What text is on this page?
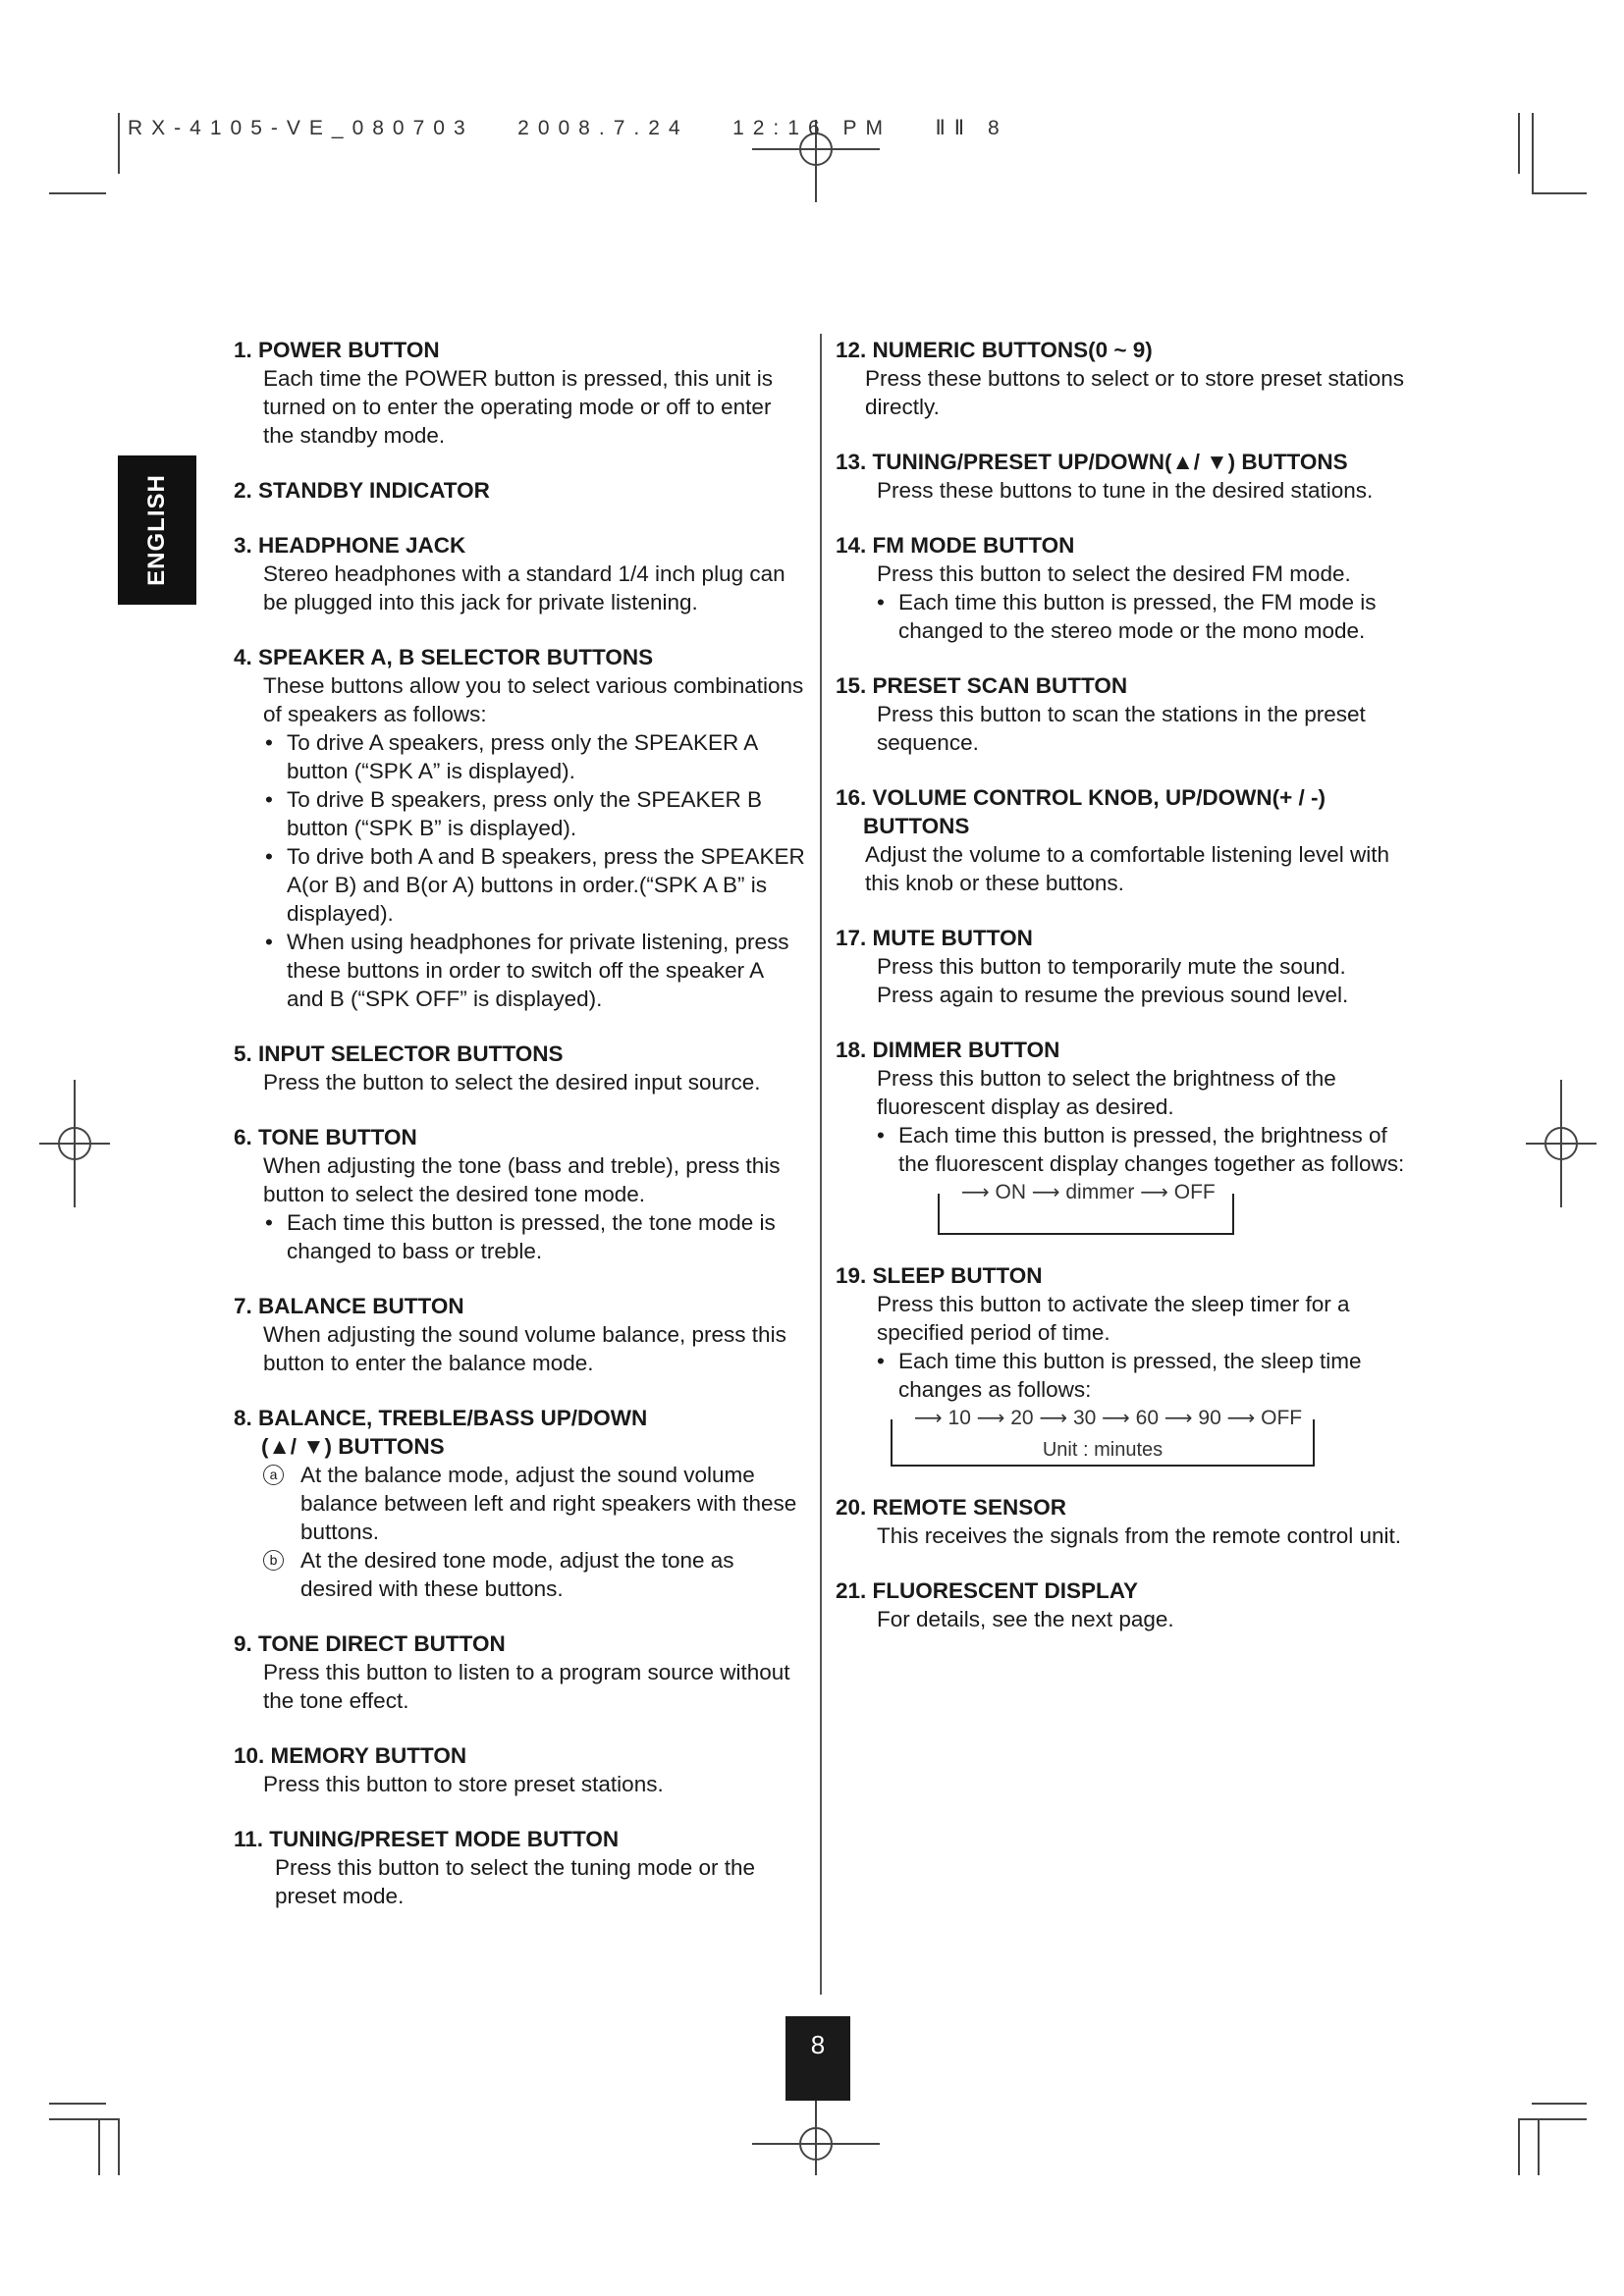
RX-4105-VE_080703   2008.7.24   12:16 PM   ⅡⅡ 8
ENGLISH
1. POWER BUTTON
Each time the POWER button is pressed, this unit is turned on to enter the operating mode or off to enter the standby mode.
2. STANDBY INDICATOR
3. HEADPHONE JACK
Stereo headphones with a standard 1/4 inch plug can be plugged into this jack for private listening.
4. SPEAKER A, B SELECTOR BUTTONS
These buttons allow you to select various combinations of speakers as follows:
• To drive A speakers, press only the SPEAKER A button (“SPK A” is displayed).
• To drive B speakers, press only the SPEAKER B button (“SPK B” is displayed).
• To drive both A and B speakers, press the SPEAKER A(or B) and B(or A) buttons in order.(“SPK A B” is displayed).
• When using headphones for private listening, press these buttons in order to switch off the speaker A and B (“SPK OFF” is displayed).
5. INPUT SELECTOR BUTTONS
Press the button to select the desired input source.
6. TONE BUTTON
When adjusting the tone (bass and treble), press this button to select the desired tone mode.
• Each time this button is pressed, the tone mode is changed to bass or treble.
7. BALANCE BUTTON
When adjusting the sound volume balance, press this button to enter the balance mode.
8. BALANCE, TREBLE/BASS UP/DOWN
(▲/ ▼) BUTTONS
a At the balance mode, adjust the sound volume balance between left and right speakers with these buttons.
b At the desired tone mode, adjust the tone as desired with these buttons.
9. TONE DIRECT BUTTON
Press this button to listen to a program source without the tone effect.
10. MEMORY BUTTON
Press this button to store preset stations.
11. TUNING/PRESET MODE BUTTON
Press this button to select the tuning mode or the preset mode.
12. NUMERIC BUTTONS(0 ~ 9)
Press these buttons to select or to store preset stations directly.
13. TUNING/PRESET UP/DOWN(▲/ ▼) BUTTONS
Press these buttons to tune in the desired stations.
14. FM MODE BUTTON
Press this button to select the desired FM mode.
• Each time this button is pressed, the FM mode is changed to the stereo mode or the mono mode.
15. PRESET SCAN BUTTON
Press this button to scan the stations in the preset sequence.
16. VOLUME CONTROL KNOB, UP/DOWN(+ / -)
BUTTONS
Adjust the volume to a comfortable listening level with this knob or these buttons.
17. MUTE BUTTON
Press this button to temporarily mute the sound. Press again to resume the previous sound level.
18. DIMMER BUTTON
Press this button to select the brightness of the fluorescent display as desired.
• Each time this button is pressed, the brightness of the fluorescent display changes together as follows:
⟶ ON ⟶ dimmer ⟶ OFF
19. SLEEP BUTTON
Press this button to activate the sleep timer for a specified period of time.
• Each time this button is pressed, the sleep time changes as follows:
⟶ 10 ⟶ 20 ⟶ 30 ⟶ 60 ⟶ 90 ⟶ OFF
Unit : minutes
20. REMOTE SENSOR
This receives the signals from the remote control unit.
21. FLUORESCENT DISPLAY
For details, see the next page.
8
